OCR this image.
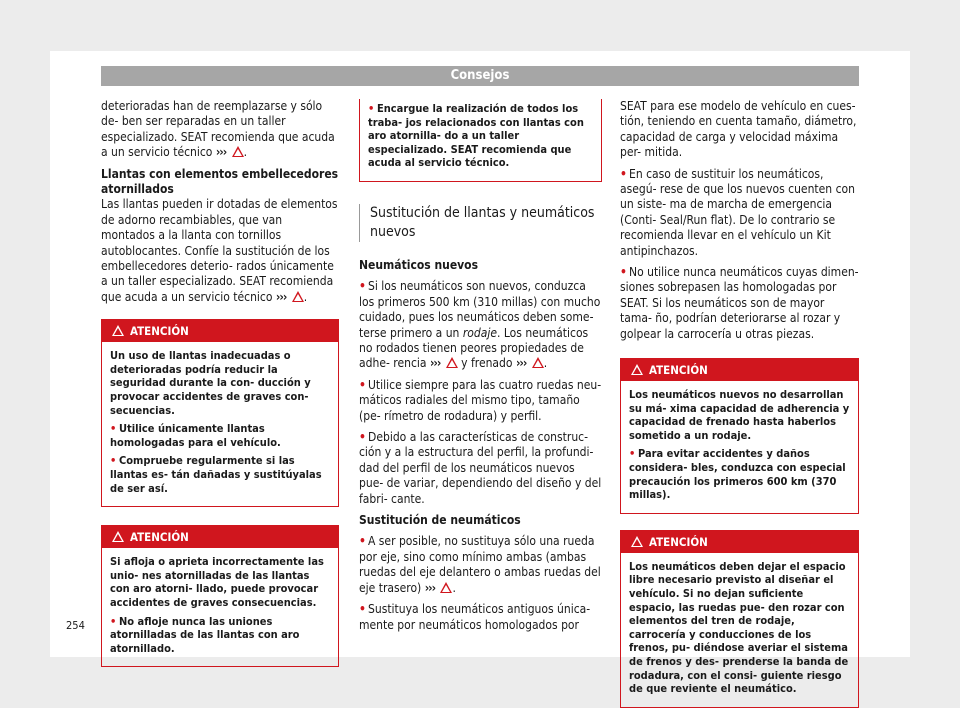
Consejos

deterioradas han de reemplazarse y sólo de- ben ser reparadas en un taller especializado. SEAT recomienda que acuda a un servicio técnico ››› .

Llantas con elementos embellecedores atornillados

Las llantas pueden ir dotadas de elementos de adorno recambiables, que van montados a la llanta con tornillos autoblocantes. Confíe la sustitución de los embellecedores deterio- rados únicamente a un taller especializado. SEAT recomienda que acuda a un servicio técnico ››› .

ATENCIÓN

Un uso de llantas inadecuadas o deterioradas podría reducir la seguridad durante la con- ducción y provocar accidentes de graves con- secuencias.

• Utilice únicamente llantas homologadas para el vehículo.

• Compruebe regularmente si las llantas es- tán dañadas y sustitúyalas de ser así.

ATENCIÓN

Si afloja o aprieta incorrectamente las unio- nes atornilladas de las llantas con aro atorni- llado, puede provocar accidentes de graves consecuencias.

• No afloje nunca las uniones atornilladas de las llantas con aro atornillado.

• Encargue la realización de todos los traba- jos relacionados con llantas con aro atornilla- do a un taller especializado. SEAT recomienda que acuda al servicio técnico.

Sustitución de llantas y neumáticos nuevos

Neumáticos nuevos

• Si los neumáticos son nuevos, conduzca los primeros 500 km (310 millas) con mucho cuidado, pues los neumáticos deben some- terse primero a un rodaje. Los neumáticos no rodados tienen peores propiedades de adhe- rencia ››› y frenado ››› .

• Utilice siempre para las cuatro ruedas neu- máticos radiales del mismo tipo, tamaño (pe- rímetro de rodadura) y perfil.

• Debido a las características de construc- ción y a la estructura del perfil, la profundi- dad del perfil de los neumáticos nuevos pue- de variar, dependiendo del diseño y del fabri- cante.

Sustitución de neumáticos

• A ser posible, no sustituya sólo una rueda por eje, sino como mínimo ambas (ambas ruedas del eje delantero o ambas ruedas del eje trasero) ››› .

• Sustituya los neumáticos antiguos única- mente por neumáticos homologados por

SEAT para ese modelo de vehículo en cues- tión, teniendo en cuenta tamaño, diámetro, capacidad de carga y velocidad máxima per- mitida.

• En caso de sustituir los neumáticos, asegú- rese de que los nuevos cuenten con un siste- ma de marcha de emergencia (Conti- Seal/Run flat). De lo contrario se recomienda llevar en el vehículo un Kit antipinchazos.

• No utilice nunca neumáticos cuyas dimen- siones sobrepasen las homologadas por SEAT. Si los neumáticos son de mayor tama- ño, podrían deteriorarse al rozar y golpear la carrocería u otras piezas.

ATENCIÓN

Los neumáticos nuevos no desarrollan su má- xima capacidad de adherencia y capacidad de frenado hasta haberlos sometido a un rodaje.

• Para evitar accidentes y daños considera- bles, conduzca con especial precaución los primeros 600 km (370 millas).

ATENCIÓN

Los neumáticos deben dejar el espacio libre necesario previsto al diseñar el vehículo. Si no dejan suficiente espacio, las ruedas pue- den rozar con elementos del tren de rodaje, carrocería y conducciones de los frenos, pu- diéndose averiar el sistema de frenos y des- prenderse la banda de rodadura, con el consi- guiente riesgo de que reviente el neumático.

254
